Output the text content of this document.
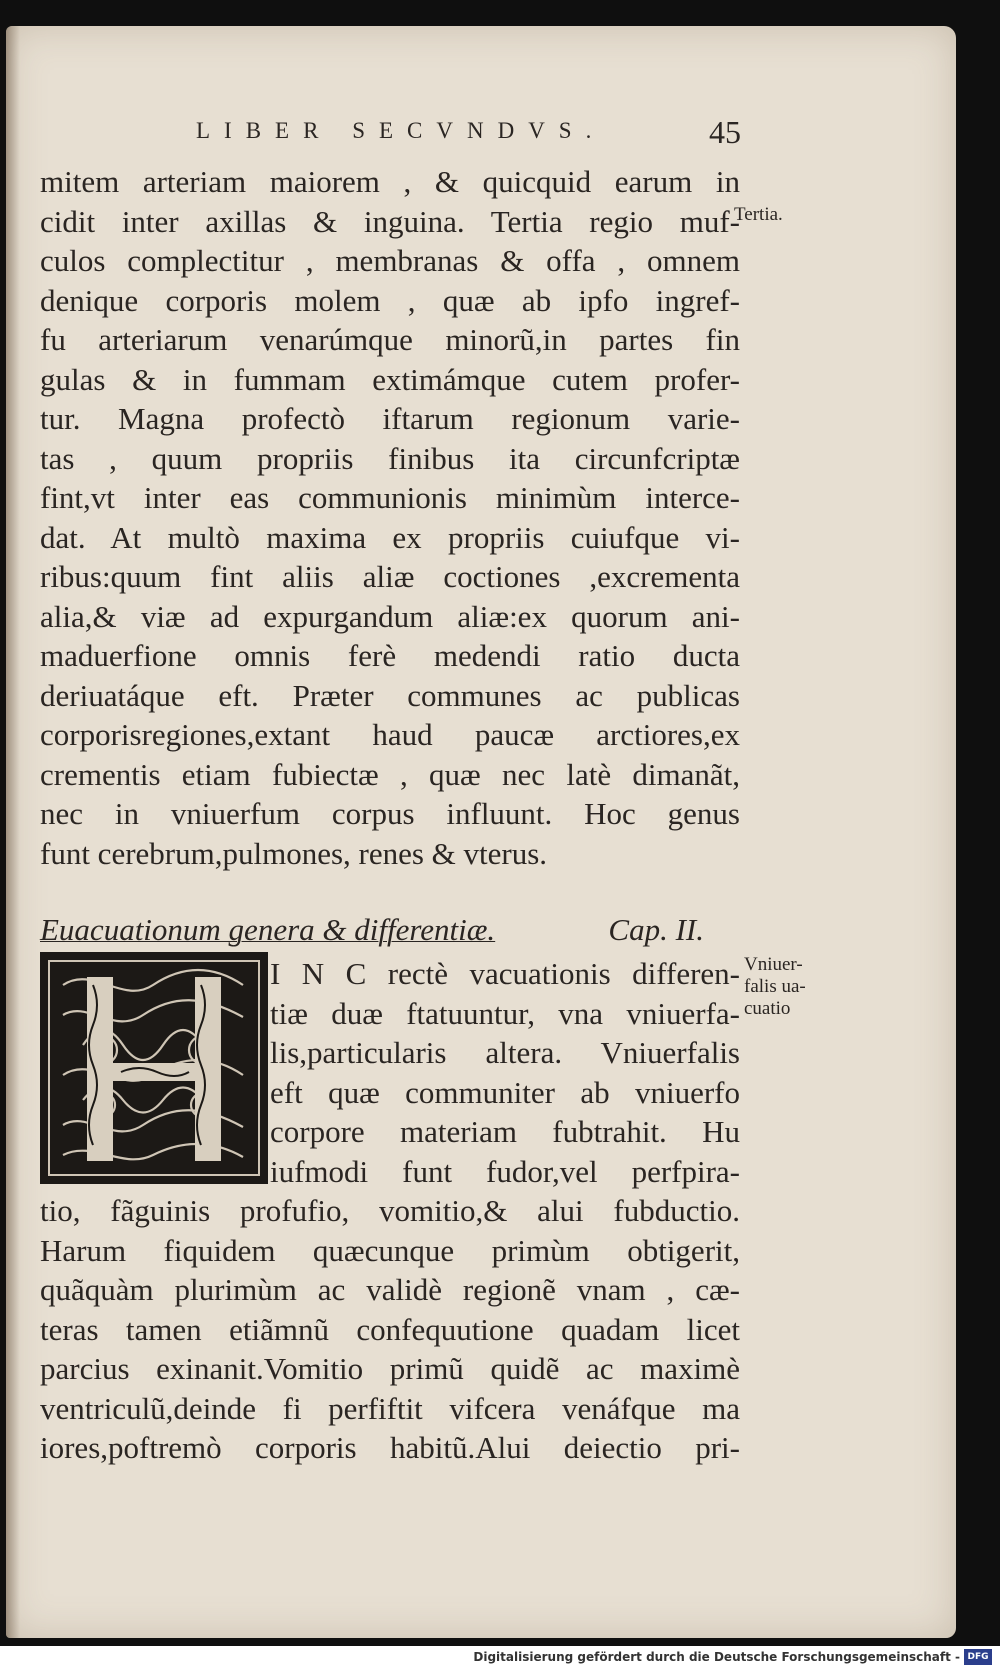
LIBER SECVNDVS.	45
mitem arteriam maiorem , & quicquid earum in
cidit inter axillas & inguina. Tertia regio muf-
culos complectitur , membranas & offa , omnem
denique corporis molem , quæ ab ipfo ingref-
fu arteriarum venarúmque minorũ,in partes fin
gulas & in fummam extimámque cutem profer-
tur. Magna profectò iftarum regionum varie-
tas , quum propriis finibus ita circunfcriptæ
fint,vt inter eas communionis minimùm interce-
dat. At multò maxima ex propriis cuiufque vi-
ribus:quum fint aliis aliæ coctiones ,excrementa
alia,& viæ ad expurgandum aliæ:ex quorum ani-
maduerfione omnis ferè medendi ratio ducta
deriuatáque eft. Præter communes ac publicas
corporisregiones,extant haud paucæ arctiores,ex
crementis etiam fubiectæ , quæ nec latè dimanãt,
nec in vniuerfum corpus influunt. Hoc genus
funt cerebrum,pulmones, renes & vterus.
Tertia.
Euacuationum genera & differentiæ.	Cap. II.
Vniuer-
falis ua-
cuatio
I N C rectè vacuationis differen-
tiæ duæ ftatuuntur, vna vniuerfa-
lis,particularis altera. Vniuerfalis
eft quæ communiter ab vniuerfo
corpore materiam fubtrahit. Hu
iufmodi funt fudor,vel perfpira-
tio, fãguinis profufio, vomitio,& alui fubductio.
Harum fiquidem quæcunque primùm obtigerit,
quãquàm plurimùm ac validè regionẽ vnam , cæ-
teras tamen etiãmnũ confequutione quadam licet
parcius exinanit.Vomitio primũ quidẽ ac maximè
ventriculũ,deinde fi perfiftit vifcera venáfque ma
iores,poftremò corporis habitũ.Alui deiectio pri-
Digitalisierung gefördert durch die Deutsche Forschungsgemeinschaft - DFG
